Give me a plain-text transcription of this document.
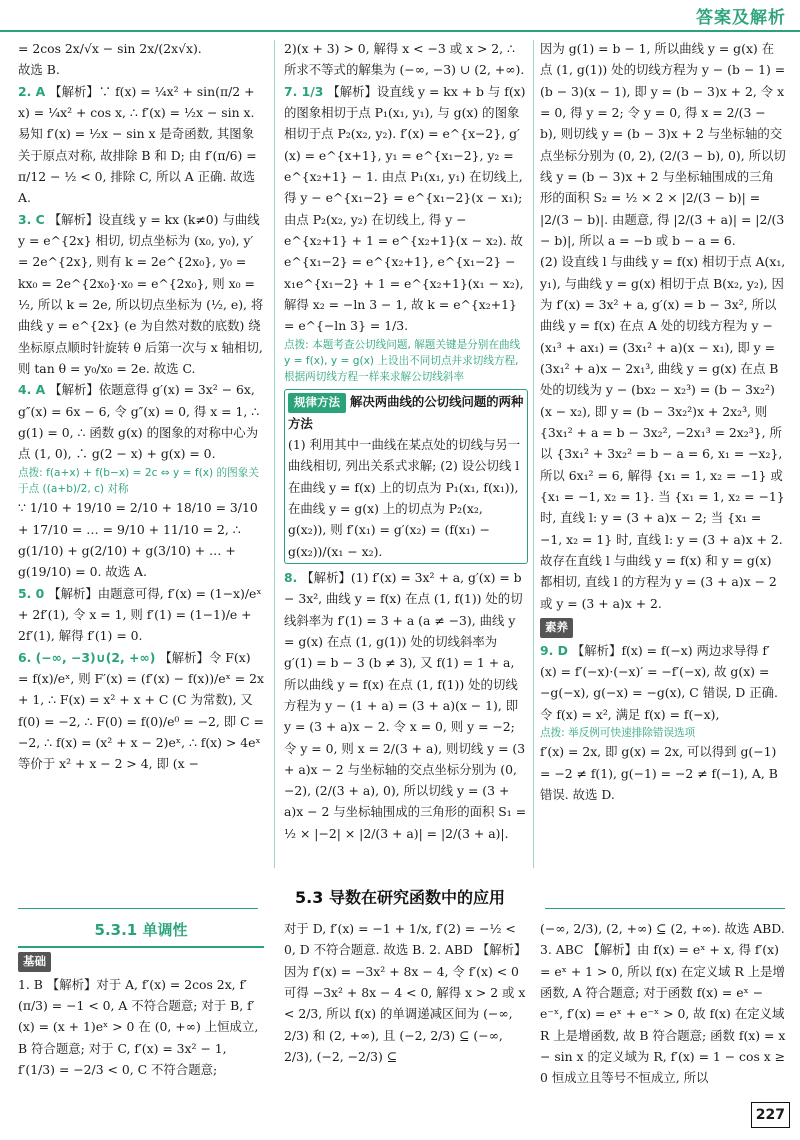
答案及解析

= 2cos 2x/√x − sin 2x/(2x√x).

故选 B.

2. A 【解析】∵ f(x) = ¼x² + sin(π/2 + x) = ¼x² + cos x, ∴ f′(x) = ½x − sin x. 易知 f′(x) = ½x − sin x 是奇函数, 其图象关于原点对称, 故排除 B 和 D; 由 f′(π/6) = π/12 − ½ < 0, 排除 C, 所以 A 正确. 故选 A.

3. C 【解析】设直线 y = kx (k≠0) 与曲线 y = e^{2x} 相切, 切点坐标为 (x₀, y₀), y′ = 2e^{2x}, 则有 k = 2e^{2x₀}, y₀ = kx₀ = 2e^{2x₀}·x₀ = e^{2x₀}, 则 x₀ = ½, 所以 k = 2e, 所以切点坐标为 (½, e), 将曲线 y = e^{2x} (e 为自然对数的底数) 绕坐标原点顺时针旋转 θ 后第一次与 x 轴相切, 则 tan θ = y₀/x₀ = 2e. 故选 C.

4. A 【解析】依题意得 g′(x) = 3x² − 6x, g″(x) = 6x − 6, 令 g″(x) = 0, 得 x = 1, ∴ g(1) = 0, ∴ 函数 g(x) 的图象的对称中心为点 (1, 0), ∴ g(2 − x) + g(x) = 0.

点拨: f(a+x) + f(b−x) = 2c ⇔ y = f(x) 的图象关于点 ((a+b)/2, c) 对称

∵ 1/10 + 19/10 = 2/10 + 18/10 = 3/10 + 17/10 = … = 9/10 + 11/10 = 2, ∴ g(1/10) + g(2/10) + g(3/10) + … + g(19/10) = 0. 故选 A.

5. 0 【解析】由题意可得, f′(x) = (1−x)/eˣ + 2f′(1), 令 x = 1, 则 f′(1) = (1−1)/e + 2f′(1), 解得 f′(1) = 0.

6. (−∞, −3)∪(2, +∞) 【解析】令 F(x) = f(x)/eˣ, 则 F′(x) = (f′(x) − f(x))/eˣ = 2x + 1, ∴ F(x) = x² + x + C (C 为常数), 又 f(0) = −2, ∴ F(0) = f(0)/e⁰ = −2, 即 C = −2, ∴ f(x) = (x² + x − 2)eˣ, ∴ f(x) > 4eˣ 等价于 x² + x − 2 > 4, 即 (x −

2)(x + 3) > 0, 解得 x < −3 或 x > 2, ∴ 所求不等式的解集为 (−∞, −3) ∪ (2, +∞).

7. 1/3 【解析】设直线 y = kx + b 与 f(x) 的图象相切于点 P₁(x₁, y₁), 与 g(x) 的图象相切于点 P₂(x₂, y₂). f′(x) = e^{x−2}, g′(x) = e^{x+1}, y₁ = e^{x₁−2}, y₂ = e^{x₂+1} − 1. 由点 P₁(x₁, y₁) 在切线上, 得 y − e^{x₁−2} = e^{x₁−2}(x − x₁); 由点 P₂(x₂, y₂) 在切线上, 得 y − e^{x₂+1} + 1 = e^{x₂+1}(x − x₂). 故 e^{x₁−2} = e^{x₂+1}, e^{x₁−2} − x₁e^{x₁−2} + 1 = e^{x₂+1}(x₁ − x₂), 解得 x₂ = −ln 3 − 1, 故 k = e^{x₂+1} = e^{−ln 3} = 1/3.

点拨: 本题考查公切线问题, 解题关键是分别在曲线 y = f(x), y = g(x) 上设出不同切点并求切线方程, 根据两切线方程一样来求解公切线斜率
规律方法 解决两曲线的公切线问题的两种方法
(1) 利用其中一曲线在某点处的切线与另一曲线相切, 列出关系式求解; (2) 设公切线 l 在曲线 y = f(x) 上的切点为 P₁(x₁, f(x₁)), 在曲线 y = g(x) 上的切点为 P₂(x₂, g(x₂)), 则 f′(x₁) = g′(x₂) = (f(x₁) − g(x₂))/(x₁ − x₂).

8. 【解析】(1) f′(x) = 3x² + a, g′(x) = b − 3x², 曲线 y = f(x) 在点 (1, f(1)) 处的切线斜率为 f′(1) = 3 + a (a ≠ −3), 曲线 y = g(x) 在点 (1, g(1)) 处的切线斜率为 g′(1) = b − 3 (b ≠ 3), 又 f(1) = 1 + a, 所以曲线 y = f(x) 在点 (1, f(1)) 处的切线方程为 y − (1 + a) = (3 + a)(x − 1), 即 y = (3 + a)x − 2. 令 x = 0, 则 y = −2; 令 y = 0, 则 x = 2/(3 + a), 则切线 y = (3 + a)x − 2 与坐标轴的交点坐标分别为 (0, −2), (2/(3 + a), 0), 所以切线 y = (3 + a)x − 2 与坐标轴围成的三角形的面积 S₁ = ½ × |−2| × |2/(3 + a)| = |2/(3 + a)|.

因为 g(1) = b − 1, 所以曲线 y = g(x) 在点 (1, g(1)) 处的切线方程为 y − (b − 1) = (b − 3)(x − 1), 即 y = (b − 3)x + 2, 令 x = 0, 得 y = 2; 令 y = 0, 得 x = 2/(3 − b), 则切线 y = (b − 3)x + 2 与坐标轴的交点坐标分别为 (0, 2), (2/(3 − b), 0), 所以切线 y = (b − 3)x + 2 与坐标轴围成的三角形的面积 S₂ = ½ × 2 × |2/(3 − b)| = |2/(3 − b)|. 由题意, 得 |2/(3 + a)| = |2/(3 − b)|, 所以 a = −b 或 b − a = 6.

(2) 设直线 l 与曲线 y = f(x) 相切于点 A(x₁, y₁), 与曲线 y = g(x) 相切于点 B(x₂, y₂), 因为 f′(x) = 3x² + a, g′(x) = b − 3x², 所以曲线 y = f(x) 在点 A 处的切线方程为 y − (x₁³ + ax₁) = (3x₁² + a)(x − x₁), 即 y = (3x₁² + a)x − 2x₁³, 曲线 y = g(x) 在点 B 处的切线为 y − (bx₂ − x₂³) = (b − 3x₂²)(x − x₂), 即 y = (b − 3x₂²)x + 2x₂³, 则 {3x₁² + a = b − 3x₂², −2x₁³ = 2x₂³}, 所以 {3x₁² + 3x₂² = b − a = 6, x₁ = −x₂}, 所以 6x₁² = 6, 解得 {x₁ = 1, x₂ = −1} 或 {x₁ = −1, x₂ = 1}. 当 {x₁ = 1, x₂ = −1} 时, 直线 l: y = (3 + a)x − 2; 当 {x₁ = −1, x₂ = 1} 时, 直线 l: y = (3 + a)x + 2. 故存在直线 l 与曲线 y = f(x) 和 y = g(x) 都相切, 直线 l 的方程为 y = (3 + a)x − 2 或 y = (3 + a)x + 2.

素养

9. D 【解析】f(x) = f(−x) 两边求导得 f′(x) = f′(−x)·(−x)′ = −f′(−x), 故 g(x) = −g(−x), g(−x) = −g(x), C 错误, D 正确. 令 f(x) = x², 满足 f(x) = f(−x),

点拨: 举反例可快速排除错误选项

f′(x) = 2x, 即 g(x) = 2x, 可以得到 g(−1) = −2 ≠ f(1), g(−1) = −2 ≠ f(−1), A, B 错误. 故选 D.

5.3 导数在研究函数中的应用
5.3.1 单调性
基础

1. B 【解析】对于 A, f′(x) = 2cos 2x, f′(π/3) = −1 < 0, A 不符合题意; 对于 B, f′(x) = (x + 1)eˣ > 0 在 (0, +∞) 上恒成立, B 符合题意; 对于 C, f′(x) = 3x² − 1, f′(1/3) = −2/3 < 0, C 不符合题意;

对于 D, f′(x) = −1 + 1/x, f′(2) = −½ < 0, D 不符合题意. 故选 B. 2. ABD 【解析】因为 f′(x) = −3x² + 8x − 4, 令 f′(x) < 0 可得 −3x² + 8x − 4 < 0, 解得 x > 2 或 x < 2/3, 所以 f(x) 的单调递减区间为 (−∞, 2/3) 和 (2, +∞), 且 (−2, 2/3) ⊆ (−∞, 2/3), (−2, −2/3) ⊆

(−∞, 2/3), (2, +∞) ⊆ (2, +∞). 故选 ABD. 3. ABC 【解析】由 f(x) = eˣ + x, 得 f′(x) = eˣ + 1 > 0, 所以 f(x) 在定义域 R 上是增函数, A 符合题意; 对于函数 f(x) = eˣ − e⁻ˣ, f′(x) = eˣ + e⁻ˣ > 0, 故 f(x) 在定义域 R 上是增函数, 故 B 符合题意; 函数 f(x) = x − sin x 的定义域为 R, f′(x) = 1 − cos x ≥ 0 恒成立且等号不恒成立, 所以

227
